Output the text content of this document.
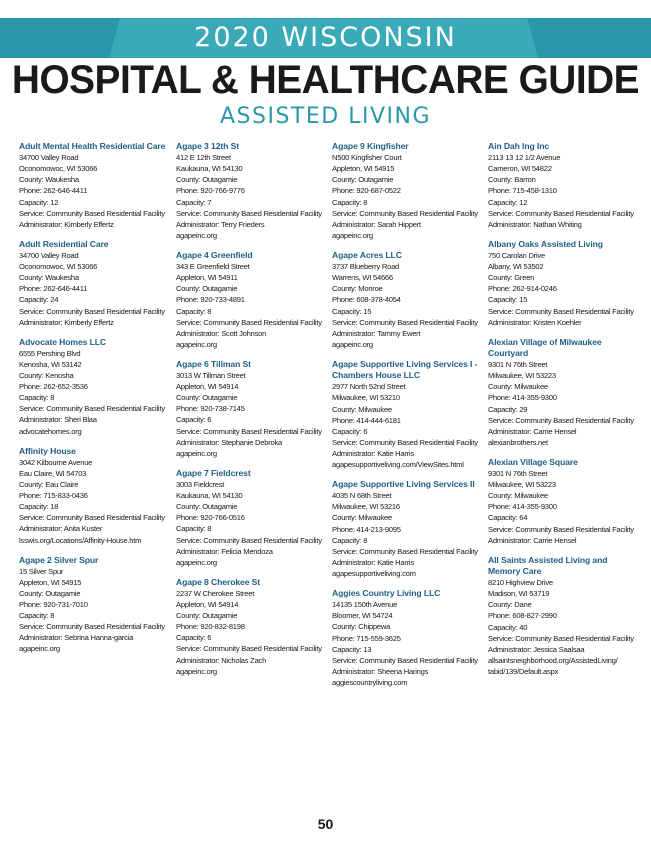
2020 WISCONSIN
HOSPITAL & HEALTHCARE GUIDE
ASSISTED LIVING
Adult Mental Health Residential Care
34700 Valley Road
Oconomowoc, WI 53066
County: Waukesha
Phone: 262-646-4411
Capacity: 12
Service: Community Based Residential Facility
Administrator: Kimberly Effertz
Adult Residential Care
34700 Valley Road
Oconomowoc, WI 53066
County: Waukesha
Phone: 262-646-4411
Capacity: 24
Service: Community Based Residential Facility
Administrator: Kimberly Effertz
Advocate Homes LLC
6555 Pershing Blvd
Kenosha, WI 53142
County: Kenosha
Phone: 262-652-3536
Capacity: 8
Service: Community Based Residential Facility
Administrator: Sheri Blaa
advocatehomes.org
Affinity House
3042 Kilbourne Avenue
Eau Claire, WI 54703
County: Eau Claire
Phone: 715-833-0436
Capacity: 18
Service: Community Based Residential Facility
Administrator: Anita Kuster
lsswis.org/Locations/Affinity-House.htm
Agape 2 Silver Spur
15 Silver Spur
Appleton, WI 54915
County: Outagamie
Phone: 920-731-7010
Capacity: 8
Service: Community Based Residential Facility
Administrator: Sebrina Hanna-garcia
agapeinc.org
Agape 3 12th St
412 E 12th Street
Kaukauna, WI 54130
County: Outagamie
Phone: 920-766-9776
Capacity: 7
Service: Community Based Residential Facility
Administrator: Terry Frieders
agapeinc.org
Agape 4 Greenfield
343 E Greenfield Street
Appleton, WI 54911
County: Outagamie
Phone: 920-733-4891
Capacity: 8
Service: Community Based Residential Facility
Administrator: Scott Johnson
agapeinc.org
Agape 6 Tillman St
3013 W Tillman Street
Appleton, WI 54914
County: Outagamie
Phone: 920-738-7145
Capacity: 6
Service: Community Based Residential Facility
Administrator: Stephanie Debroka
agapeinc.org
Agape 7 Fieldcrest
3003 Fieldcrest
Kaukauna, WI 54130
County: Outagamie
Phone: 920-766-0516
Capacity: 8
Service: Community Based Residential Facility
Administrator: Felicia Mendoza
agapeinc.org
Agape 8 Cherokee St
2237 W Cherokee Street
Appleton, WI 54914
County: Outagamie
Phone: 920-832-8198
Capacity: 6
Service: Community Based Residential Facility
Administrator: Nicholas Zach
agapeinc.org
Agape 9 Kingfisher
N500 Kingfisher Court
Appleton, WI 54915
County: Outagamie
Phone: 920-687-0522
Capacity: 8
Service: Community Based Residential Facility
Administrator: Sarah Hippert
agapeinc.org
Agape Acres LLC
3737 Blueberry Road
Warrens, WI 54666
County: Monroe
Phone: 608-378-4054
Capacity: 15
Service: Community Based Residential Facility
Administrator: Tammy Ewert
agapeinc.org
Agape Supportive Living Services I - Chambers House LLC
2977 North 52nd Street
Milwaukee, WI 53210
County: Milwaukee
Phone: 414-444-6181
Capacity: 6
Service: Community Based Residential Facility
Administrator: Katie Harris
agapesupportiveliving.com/ViewSites.html
Agape Supportive Living Services II
4035 N 68th Street
Milwaukee, WI 53216
County: Milwaukee
Phone: 414-213-9095
Capacity: 8
Service: Community Based Residential Facility
Administrator: Katie Harris
agapesupportiveliving.com
Aggies Country Living LLC
14135 150th Avenue
Bloomer, WI 54724
County: Chippewa
Phone: 715-559-3625
Capacity: 13
Service: Community Based Residential Facility
Administrator: Sheena Harings
aggiescountryliving.com
Ain Dah Ing Inc
2113 13 12 1/2 Avenue
Cameron, WI 54822
County: Barron
Phone: 715-458-1310
Capacity: 12
Service: Community Based Residential Facility
Administrator: Nathan Whiting
Albany Oaks Assisted Living
750 Carolan Drive
Albany, WI 53502
County: Green
Phone: 262-914-0246
Capacity: 15
Service: Community Based Residential Facility
Administrator: Kristen Koehler
Alexian Village of Milwaukee Courtyard
9301 N 76th Street
Milwaukee, WI 53223
County: Milwaukee
Phone: 414-355-9300
Capacity: 29
Service: Community Based Residential Facility
Administrator: Carrie Hensel
alexianbrothers.net
Alexian Village Square
9301 N 76th Street
Milwaukee, WI 53223
County: Milwaukee
Phone: 414-355-9300
Capacity: 64
Service: Community Based Residential Facility
Administrator: Carrie Hensel
All Saints Assisted Living and Memory Care
8210 Highview Drive
Madison, WI 53719
County: Dane
Phone: 608-827-2990
Capacity: 40
Service: Community Based Residential Facility
Administrator: Jessica Saalsaa
allsaintsneighborhood.org/AssistedLiving/
tabid/139/Default.aspx
50
